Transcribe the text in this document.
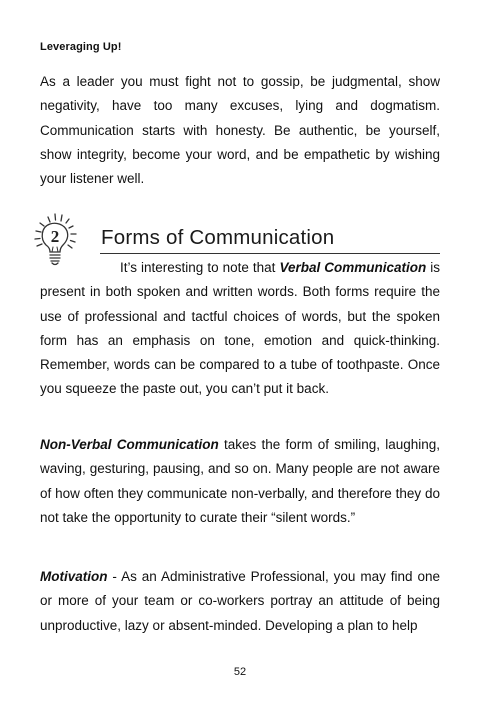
Leveraging Up!

As a leader you must fight not to gossip, be judgmental, show negativity, have too many excuses, lying and dogmatism. Communication starts with honesty. Be authentic, be yourself, show integrity, become your word, and be empathetic by wishing your listener well.

2 Forms of Communication

It’s interesting to note that Verbal Communication is present in both spoken and written words. Both forms require the use of professional and tactful choices of words, but the spoken form has an emphasis on tone, emotion and quick-thinking. Remember, words can be compared to a tube of toothpaste. Once you squeeze the paste out, you can’t put it back.

Non-Verbal Communication takes the form of smiling, laughing, waving, gesturing, pausing, and so on. Many people are not aware of how often they communicate non-verbally, and therefore they do not take the opportunity to curate their “silent words.”

Motivation - As an Administrative Professional, you may find one or more of your team or co-workers portray an attitude of being unproductive, lazy or absent-minded. Developing a plan to help

52
